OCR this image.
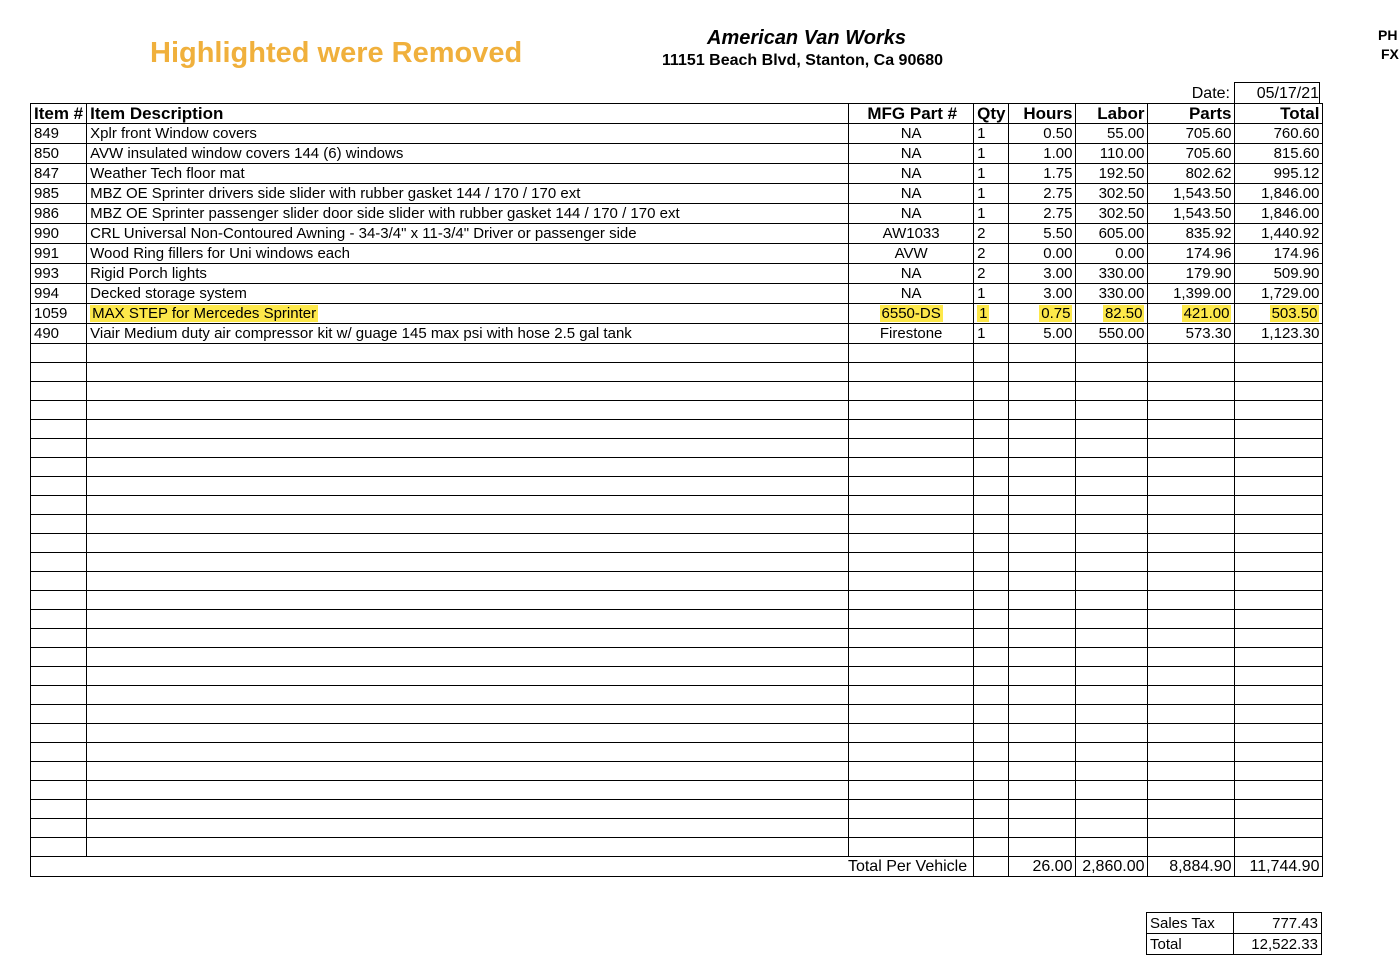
Highlighted were Removed	American Van Works
11151 Beach Blvd, Stanton, Ca 90680
PH
FX
Date:	05/17/21
Item #	Item Description	MFG Part #	Qty	Hours	Labor	Parts	Total
849	Xplr front Window covers	NA	1	0.50	55.00	705.60	760.60
850	AVW insulated window covers 144 (6) windows	NA	1	1.00	110.00	705.60	815.60
847	Weather Tech floor mat	NA	1	1.75	192.50	802.62	995.12
985	MBZ OE Sprinter drivers side slider with rubber gasket 144 / 170 / 170 ext	NA	1	2.75	302.50	1,543.50	1,846.00
986	MBZ OE Sprinter passenger slider door side slider with rubber gasket 144 / 170 / 170 ext	NA	1	2.75	302.50	1,543.50	1,846.00
990	CRL Universal Non-Contoured Awning - 34-3/4" x 11-3/4" Driver or passenger side	AW1033	2	5.50	605.00	835.92	1,440.92
991	Wood Ring fillers for Uni windows each	AVW	2	0.00	0.00	174.96	174.96
993	Rigid Porch lights	NA	2	3.00	330.00	179.90	509.90
994	Decked storage system	NA	1	3.00	330.00	1,399.00	1,729.00
1059	MAX STEP for Mercedes Sprinter	6550-DS	1	0.75	82.50	421.00	503.50
490	Viair Medium duty air compressor kit w/ guage 145 max psi with hose 2.5 gal tank	Firestone	1	5.00	550.00	573.30	1,123.30

Total Per Vehicle				26.00	2,860.00	8,884.90	11,744.90
Sales Tax	777.43
Total	12,522.33
